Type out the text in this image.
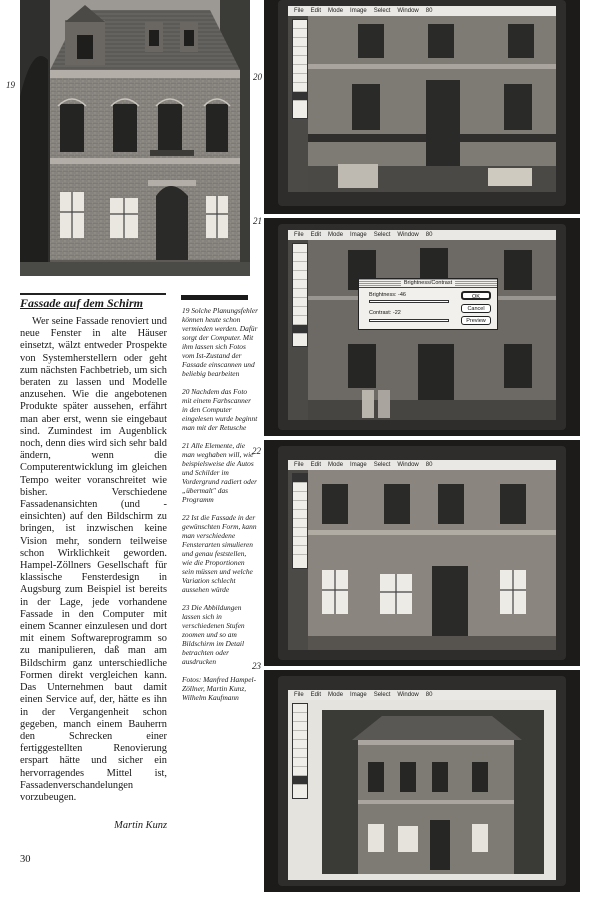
19
20
21
22
23
Fassade auf dem Schirm

Wer seine Fassade renoviert und neue Fenster in alte Häuser einsetzt, wälzt entweder Prospekte von Systemherstellern oder geht zum nächsten Fachbetrieb, um sich beraten zu lassen und Modelle anzusehen. Wie die angebotenen Produkte später aussehen, erfährt man aber erst, wenn sie eingebaut sind. Zumindest im Augenblick noch, denn dies wird sich sehr bald ändern, wenn die Computerentwicklung im gleichen Tempo weiter voranschreitet wie bisher. Verschiedene Fassadenansichten (und -einsichten) auf den Bildschirm zu bringen, ist inzwischen keine Vision mehr, sondern teilweise schon Wirklichkeit geworden. Hampel-Zöllners Gesellschaft für klassische Fensterdesign in Augsburg zum Beispiel ist bereits in der Lage, jede vorhandene Fassade in den Computer mit einem Scanner einzulesen und dort mit einem Softwareprogramm so zu manipulieren, daß man am Bildschirm ganz unterschiedliche Formen direkt vergleichen kann. Das Unternehmen baut damit einen Service auf, der, hätte es ihn in der Vergangenheit schon gegeben, manch einem Bauherrn den Schrecken einer fertiggestellten Renovierung erspart hätte und sicher ein hervorragendes Mittel ist, Fassadenverschandelungen vorzubeugen.

Martin Kunz
30

19 Solche Planungsfehler können heute schon vermieden werden. Dafür sorgt der Computer. Mit ihm lassen sich Fotos vom Ist-Zustand der Fassade einscannen und beliebig bearbeiten

20 Nachdem das Foto mit einem Farbscanner in den Computer eingelesen wurde beginnt man mit der Retusche

21 Alle Elemente, die man weghaben will, wie beispielsweise die Autos und Schilder im Vordergrund radiert oder „übermalt" das Programm

22 Ist die Fassade in der gewünschten Form, kann man verschiedene Fensterarten simulieren und genau feststellen, wie die Proportionen sein müssen und welche Variation schlecht aussehen würde

23 Die Abbildungen lassen sich in verschiedenen Stufen zoomen und so am Bildschirm im Detail betrachten oder ausdrucken

Fotos: Manfred Hampel-Zöllner, Martin Kunz, Wilhelm Kaufmann

File Edit Mode Image Select Window 80
File Edit Mode Image Select Window 80
Brightness/Contrast
Brightness: -46
Contrast: -22
OK
Cancel
Preview
File Edit Mode Image Select Window 80
File Edit Mode Image Select Window 80
